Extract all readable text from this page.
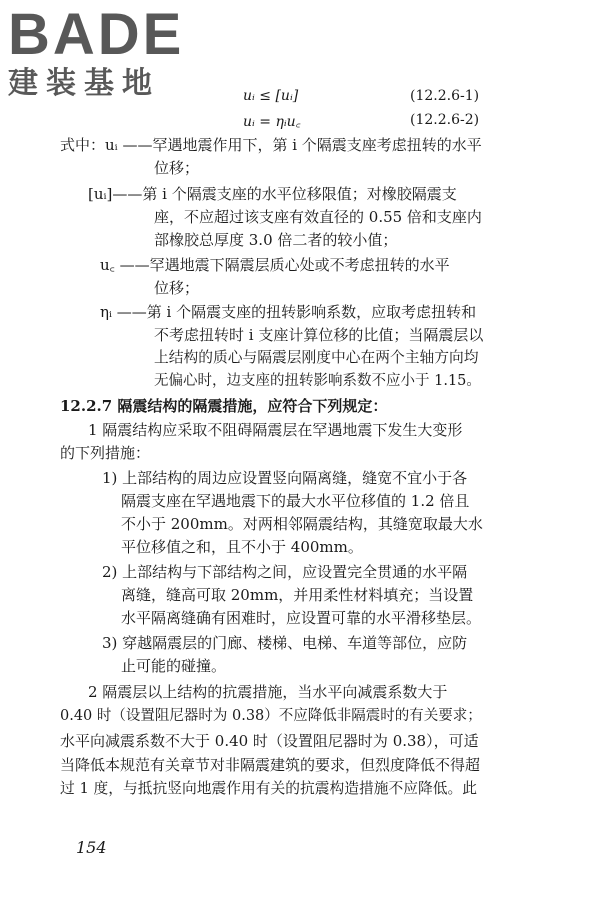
BADE
建装基地	uᵢ ≤ [uᵢ]	(12.2.6-1)
uᵢ = ηᵢu꜀	(12.2.6-2)
式中：uᵢ ——罕遇地震作用下，第 i 个隔震支座考虑扭转的水平
位移；
[uᵢ]——第 i 个隔震支座的水平位移限值；对橡胶隔震支
座，不应超过该支座有效直径的 0.55 倍和支座内
部橡胶总厚度 3.0 倍二者的较小值；
u꜀ ——罕遇地震下隔震层质心处或不考虑扭转的水平
位移；
ηᵢ ——第 i 个隔震支座的扭转影响系数，应取考虑扭转和
不考虑扭转时 i 支座计算位移的比值；当隔震层以
上结构的质心与隔震层刚度中心在两个主轴方向均
无偏心时，边支座的扭转影响系数不应小于 1.15。
12.2.7 隔震结构的隔震措施，应符合下列规定：
1 隔震结构应采取不阻碍隔震层在罕遇地震下发生大变形
的下列措施：
1) 上部结构的周边应设置竖向隔离缝，缝宽不宜小于各
隔震支座在罕遇地震下的最大水平位移值的 1.2 倍且
不小于 200mm。对两相邻隔震结构，其缝宽取最大水
平位移值之和，且不小于 400mm。
2) 上部结构与下部结构之间，应设置完全贯通的水平隔
离缝，缝高可取 20mm，并用柔性材料填充；当设置
水平隔离缝确有困难时，应设置可靠的水平滑移垫层。
3) 穿越隔震层的门廊、楼梯、电梯、车道等部位，应防
止可能的碰撞。
2 隔震层以上结构的抗震措施，当水平向减震系数大于
0.40 时（设置阻尼器时为 0.38）不应降低非隔震时的有关要求；
水平向减震系数不大于 0.40 时（设置阻尼器时为 0.38），可适
当降低本规范有关章节对非隔震建筑的要求，但烈度降低不得超
过 1 度，与抵抗竖向地震作用有关的抗震构造措施不应降低。此
154
